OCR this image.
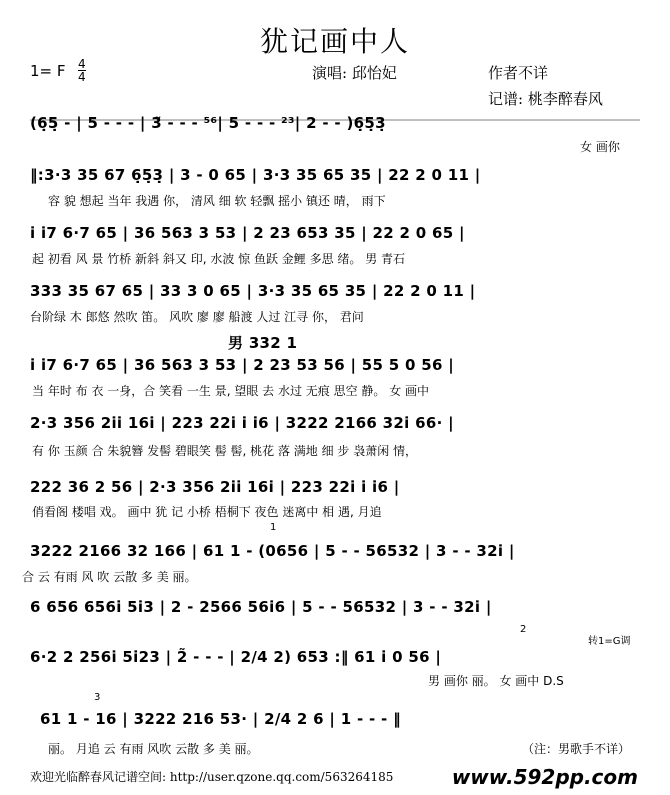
犹记画中人
1= F 4
4	演唱: 邱怡妃	作者不详
记谱: 桃李醉春风
(6̣5̣ - | 5 - - - | 3̃ - - - ⁵⁶| 5 - - - ²³| 2 - - )6̣5̣3̣
女 画你
‖:3·3 35 67 6̣5̣3̣ | 3 - 0 65 | 3·3 35 65 35 | 22 2 0 11 |
容 貌 想起 当年 我遇 你， 清风 细 软 轻飘 摇小 镇还 晴， 雨下
i̇ i̇7 6·7 65 | 36 563 3 53 | 2 23 653 35 | 22 2 0 65 |
起 初看 风 景 竹桥 新斜 斜又 印, 水波 惊 鱼跃 金鲤 多思 绪。 男 青石
333 35 67 65 | 33 3 0 65 | 3·3 35 65 35 | 22 2 0 11 |
台阶绿 木 郎悠 然吹 笛。 风吹 廖 廖 船渡 人过 江寻 你， 君问
男 332 1
i̇ i̇7 6·7 65 | 36 563 3 53 | 2 23 53 56 | 55 5 0 56 |
当 年时 布 衣 一身，合 笑看 一生 景, 望眼 去 水过 无痕 思空 静。 女 画中
2·3 356 2i̇i̇ 16i̇ | 223 22i̇ i̇ i̇6 | 3222 2166 32i̇ 66· |
有 你 玉颜 合 朱貌簪 发髻 碧眼笑 髻 髻, 桃花 落 满地 细 步 袅萧闲 情，
222 36 2 56 | 2·3 356 2i̇i̇ 16i̇ | 223 22i̇ i̇ i̇6 |
俏看阁 楼唱 戏。 画中 犹 记 小桥 梧桐下 夜色 迷离中 相 遇, 月追
1
3222 2166 32 166 | 61 1 - (0656 | 5 - - 56532 | 3 - - 32i̇ |
合 云 有雨 风 吹 云散 多 美 丽。
6 656 656i̇ 5i̇3 | 2 - 2566 56i̇6 | 5 - - 56532 | 3 - - 32i̇ |
2
转1=G调
6·2 2 256i̇ 5i̇23 | 2̃ - - - | 2/4 2) 653 :‖ 61 i̇ 0 56 |
男 画你 丽。 女 画中 D.S
3
61 1 - 16 | 3222 216 53· | 2/4 2 6 | 1 - - - ‖
丽。 月追 云 有雨 风吹 云散 多 美 丽。	（注：男歌手不详）
欢迎光临醉春风记谱空间: http://user.qzone.qq.com/563264185	www.592pp.com
